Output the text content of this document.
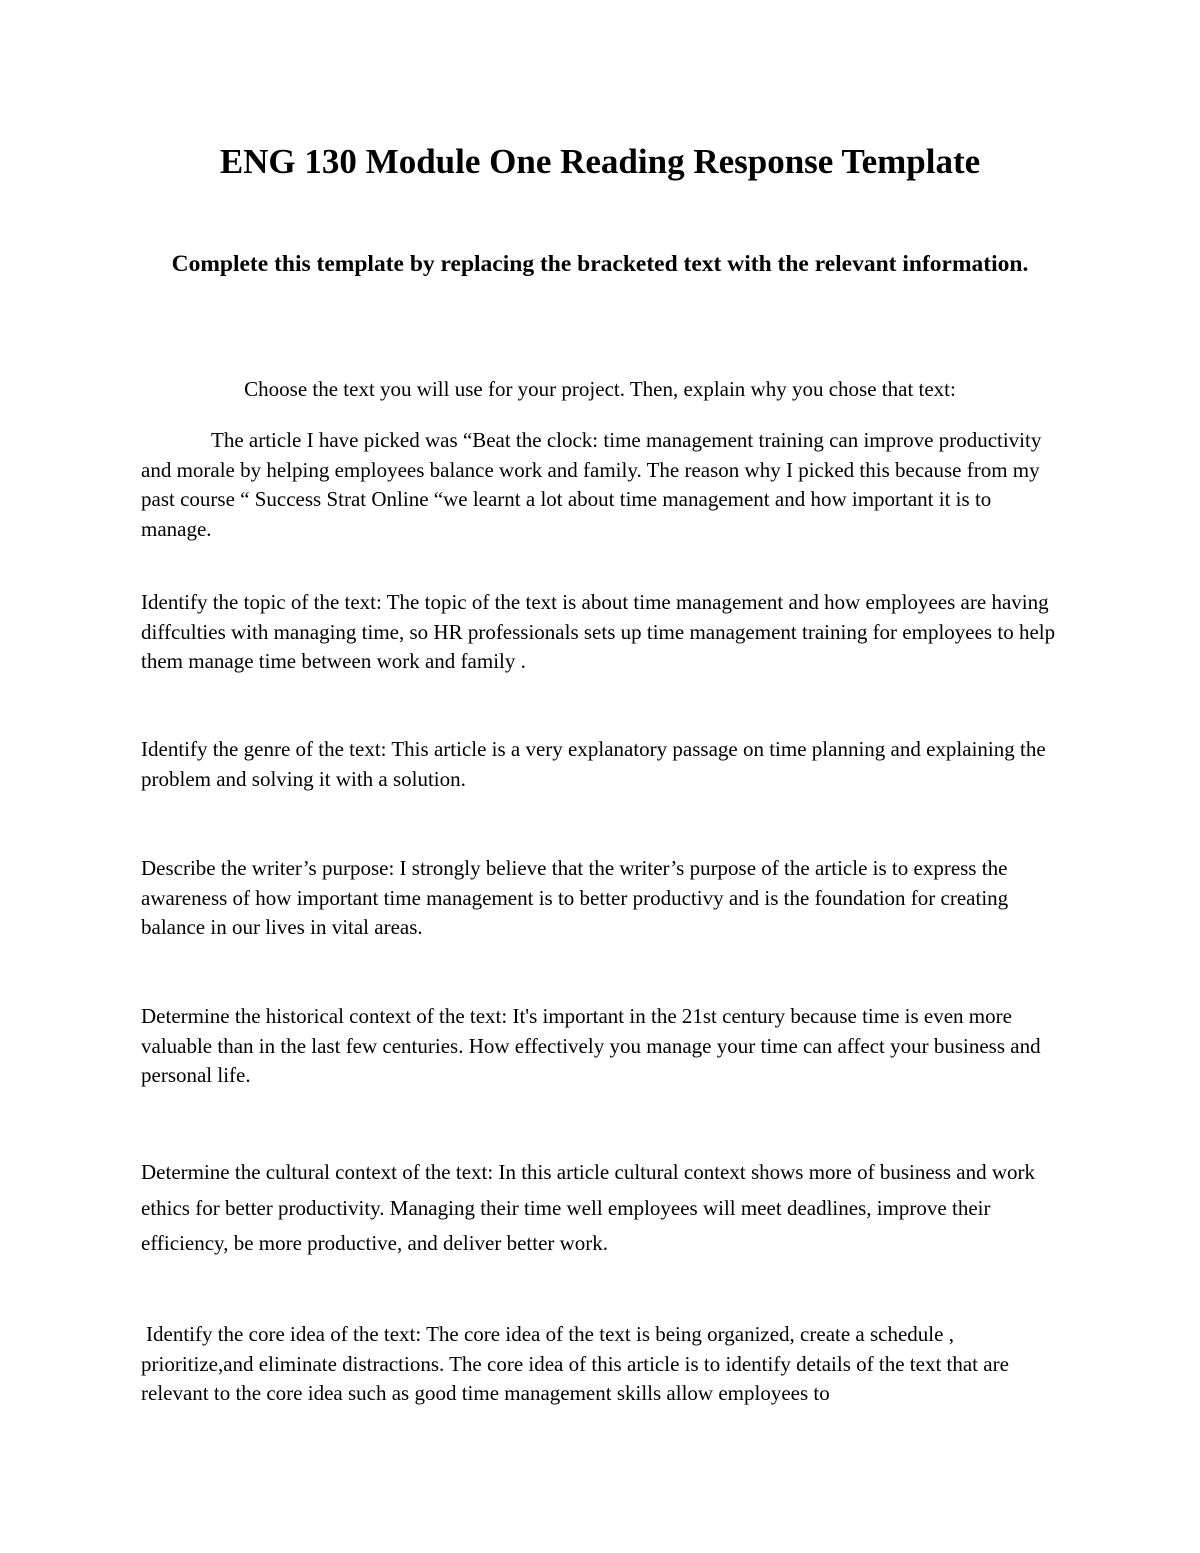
ENG 130 Module One Reading Response Template

Complete this template by replacing the bracketed text with the relevant information.

Choose the text you will use for your project. Then, explain why you chose that text:

The article I have picked was “Beat the clock: time management training can improve productivity and morale by helping employees balance work and family. The reason why I picked this because from my past course “ Success Strat Online “we learnt a lot about time management and how important it is to manage.

Identify the topic of the text: The topic of the text is about time management and how employees are having diffculties with managing time, so HR professionals sets up time management training for employees to help them manage time between work and family .

Identify the genre of the text: This article is a very explanatory passage on time planning and explaining the problem and solving it with a solution.

Describe the writer’s purpose: I strongly believe that the writer’s purpose of the article is to express the awareness of how important time management is to better productivy and is the foundation for creating balance in our lives in vital areas.

Determine the historical context of the text: It's important in the 21st century because time is even more valuable than in the last few centuries. How effectively you manage your time can affect your business and personal life.

Determine the cultural context of the text: In this article cultural context shows more of business and work ethics for better productivity. Managing their time well employees will meet deadlines, improve their efficiency, be more productive, and deliver better work.

Identify the core idea of the text: The core idea of the text is being organized, create a schedule , prioritize,and eliminate distractions. The core idea of this article is to identify details of the text that are relevant to the core idea such as good time management skills allow employees to
